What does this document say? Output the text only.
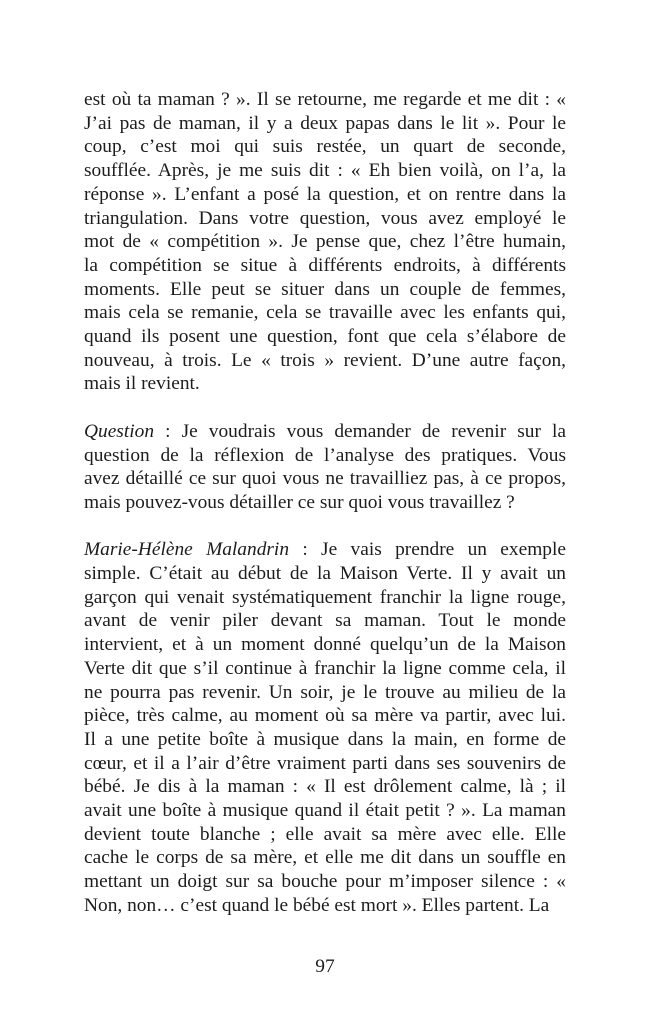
est où ta maman ? ». Il se retourne, me regarde et me dit : «
J’ai pas de maman, il y a deux papas dans le lit ». Pour le
coup, c’est moi qui suis restée, un quart de seconde,
soufflée. Après, je me suis dit : « Eh bien voilà, on l’a, la
réponse ». L’enfant a posé la question, et on rentre dans la
triangulation. Dans votre question, vous avez employé le
mot de « compétition ». Je pense que, chez l’être humain,
la compétition se situe à différents endroits, à différents
moments. Elle peut se situer dans un couple de femmes,
mais cela se remanie, cela se travaille avec les enfants qui,
quand ils posent une question, font que cela s’élabore de
nouveau, à trois. Le « trois » revient. D’une autre façon,
mais il revient.
Question : Je voudrais vous demander de revenir sur la
question de la réflexion de l’analyse des pratiques. Vous
avez détaillé ce sur quoi vous ne travailliez pas, à ce propos,
mais pouvez-vous détailler ce sur quoi vous travaillez ?
Marie-Hélène Malandrin : Je vais prendre un exemple
simple. C’était au début de la Maison Verte. Il y avait un
garçon qui venait systématiquement franchir la ligne rouge,
avant de venir piler devant sa maman. Tout le monde
intervient, et à un moment donné quelqu’un de la Maison
Verte dit que s’il continue à franchir la ligne comme cela, il
ne pourra pas revenir. Un soir, je le trouve au milieu de la
pièce, très calme, au moment où sa mère va partir, avec lui.
Il a une petite boîte à musique dans la main, en forme de
cœur, et il a l’air d’être vraiment parti dans ses souvenirs de
bébé. Je dis à la maman : « Il est drôlement calme, là ; il
avait une boîte à musique quand il était petit ? ». La maman
devient toute blanche ; elle avait sa mère avec elle. Elle
cache le corps de sa mère, et elle me dit dans un souffle en
mettant un doigt sur sa bouche pour m’imposer silence : «
Non, non… c’est quand le bébé est mort ». Elles partent. La
97
